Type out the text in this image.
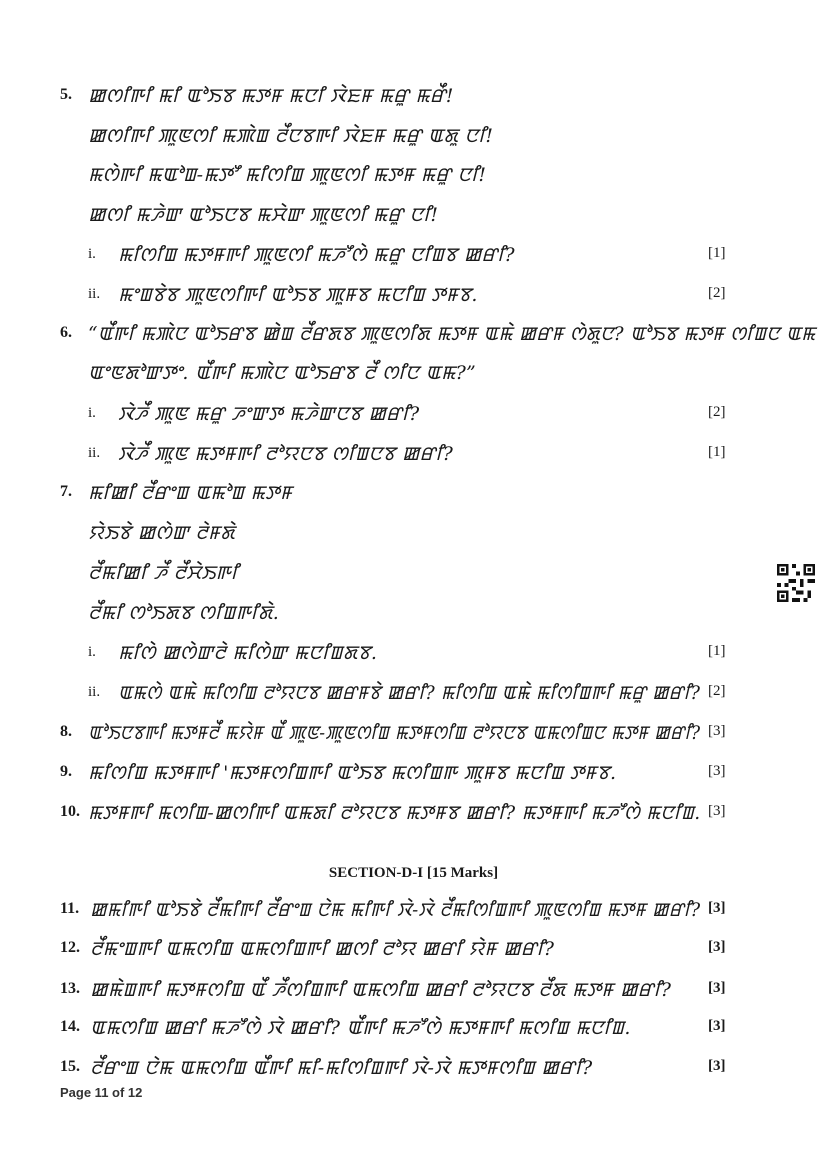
5. ꯀꯁꯤꯒꯤ ꯃꯤ ꯑꯣꯏꯕ ꯃꯇꯝ ꯃꯅꯤ ꯋꯥꯐꯝ ꯃꯔꯨ ꯃꯔꯩ!
ꯀꯁꯤꯒꯤ ꯄꯨꯟꯁꯤ ꯃꯄꯥꯡ ꯂꯩꯅꯕꯒꯤ ꯋꯥꯐꯝ ꯃꯔꯨ ꯑꯗꯨ ꯅꯤ!
ꯃꯁꯥꯒꯤ ꯃꯑꯣꯡ-ꯃꯇꯧ ꯃꯤꯁꯤꯡ ꯄꯨꯟꯁꯤ ꯃꯇꯝ ꯃꯔꯨ ꯅꯤ!
ꯀꯁꯤ ꯃꯍꯥꯛ ꯑꯣꯏꯅꯕ ꯃꯆꯥꯛ ꯄꯨꯟꯁꯤ ꯃꯔꯨ ꯅꯤ!
i. ꯃꯤꯁꯤꯡ ꯃꯇꯝꯒꯤ ꯄꯨꯟꯁꯤ ꯃꯍꯧꯁꯥ ꯃꯔꯨ ꯅꯤꯡꯕ ꯀꯔꯤ?	[1]
ii. ꯃꯦꯡꯕꯥꯕ ꯄꯨꯟꯁꯤꯒꯤ ꯑꯣꯏꯕ ꯄꯨꯝꯕ ꯃꯅꯤꯡ ꯇꯝꯕ.	[2]
6. “ꯑꯩꯒꯤ ꯃꯄꯥꯅ ꯑꯣꯏꯔꯕ ꯀꯥꯡ ꯂꯩꯔꯗꯕ ꯄꯨꯟꯁꯤꯗ ꯃꯇꯝ ꯑꯃꯥ ꯀꯔꯝ ꯁꯥꯗꯨꯅ? ꯑꯣꯏꯕ ꯃꯇꯝ ꯁꯤꯡꯅ ꯑꯃ
ꯑꯦꯟꯗꯣꯛꯇꯦ. ꯑꯩꯒꯤ ꯃꯄꯥꯅ ꯑꯣꯏꯔꯕ ꯂꯩ ꯁꯤꯅ ꯑꯃ?”
i. ꯋꯥꯍꯩ ꯄꯨꯟ ꯃꯔꯨ ꯍꯦꯛꯇ ꯃꯍꯥꯛꯅꯕ ꯀꯔꯤ?	[2]
ii. ꯋꯥꯍꯩ ꯄꯨꯟ ꯃꯇꯝꯒꯤ ꯂꯣꯌꯅꯕ ꯁꯤꯡꯅꯕ ꯀꯔꯤ?	[1]
7. ꯃꯤꯀꯤ ꯂꯩꯔꯦꯡ ꯑꯃꯣꯡ ꯃꯇꯝ
ꯌꯥꯏꯕꯥ ꯀꯁꯥꯛ ꯂꯥꯝꯗꯥ
ꯂꯩꯃꯤꯀꯤ ꯍꯩ ꯂꯩꯆꯥꯏꯒꯤ
ꯂꯩꯃꯤ ꯁꯣꯏꯗꯕ ꯁꯤꯡꯒꯤꯗꯥ.
i. ꯃꯤꯁꯥ ꯀꯁꯥꯛꯂꯥ ꯃꯤꯁꯥꯛ ꯃꯅꯤꯡꯗꯕ.	[1]
ii. ꯑꯃꯁꯥ ꯑꯃꯥ ꯃꯤꯁꯤꯡ ꯂꯣꯌꯅꯕ ꯀꯔꯝꯕꯥ ꯀꯔꯤ? ꯃꯤꯁꯤꯡ ꯑꯃꯥ ꯃꯤꯁꯤꯡꯒꯤ ꯃꯔꯨ ꯀꯔꯤ? [2]
8. ꯑꯣꯏꯅꯕꯒꯤ ꯃꯇꯝꯂꯩ ꯃꯌꯥꯝ ꯑꯩ ꯄꯨꯟ-ꯄꯨꯟꯁꯤꯡ ꯃꯇꯝꯁꯤꯡ ꯂꯣꯌꯅꯕ ꯑꯃꯁꯤꯡꯅ ꯃꯇꯝ ꯀꯔꯤ? [3]
9. ꯃꯤꯁꯤꯡ ꯃꯇꯝꯒꯤ 'ꯃꯇꯝꯁꯤꯡꯒꯤ ꯑꯣꯏꯕ ꯃꯁꯤꯡꯒ ꯄꯨꯝꯕ ꯃꯅꯤꯡ ꯇꯝꯕ.	[3]
10. ꯃꯇꯝꯒꯤ ꯃꯁꯤꯡ-ꯀꯁꯤꯒꯤ ꯑꯃꯗꯤ ꯂꯣꯌꯅꯕ ꯃꯇꯝꯕ ꯀꯔꯤ? ꯃꯇꯝꯒꯤ ꯃꯍꯧꯁꯥ ꯃꯅꯤꯡ. [3]
SECTION-D-I [15 Marks]
11. ꯀꯃꯤꯒꯤ ꯑꯣꯏꯕꯥ ꯂꯩꯃꯤꯒꯤ ꯂꯩꯔꯦꯡ ꯅꯥꯃ ꯃꯤꯒꯤ ꯋꯥ-ꯋꯥ ꯂꯩꯃꯤꯁꯤꯡꯒꯤ ꯄꯨꯟꯁꯤꯡ ꯃꯇꯝ ꯀꯔꯤ? [3]
12. ꯂꯩꯃꯦꯡꯒꯤ ꯑꯃꯁꯤꯡ ꯑꯃꯁꯤꯡꯒꯤ ꯀꯁꯤ ꯂꯣꯌ ꯀꯔꯤ ꯌꯥꯝ ꯀꯔꯤ?	[3]
13. ꯀꯃꯥꯡꯒꯤ ꯃꯇꯝꯁꯤꯡ ꯑꯩ ꯍꯩꯁꯤꯡꯒꯤ ꯑꯃꯁꯤꯡ ꯀꯔꯤ ꯂꯣꯌꯅꯕ ꯂꯩꯗ ꯃꯇꯝ ꯀꯔꯤ? [3]
14. ꯑꯃꯁꯤꯡ ꯀꯔꯤ ꯃꯍꯧꯁꯥ ꯋꯥ ꯀꯔꯤ? ꯑꯩꯒꯤ ꯃꯍꯧꯁꯥ ꯃꯇꯝꯒꯤ ꯃꯁꯤꯡ ꯃꯅꯤꯡ.	[3]
15. ꯂꯩꯔꯦꯡ ꯅꯥꯃ ꯑꯃꯁꯤꯡ ꯑꯩꯒꯤ ꯃꯤ-ꯃꯤꯁꯤꯡꯒꯤ ꯋꯥ-ꯋꯥ ꯃꯇꯝꯁꯤꯡ ꯀꯔꯤ?	[3]
Page 11 of 12
